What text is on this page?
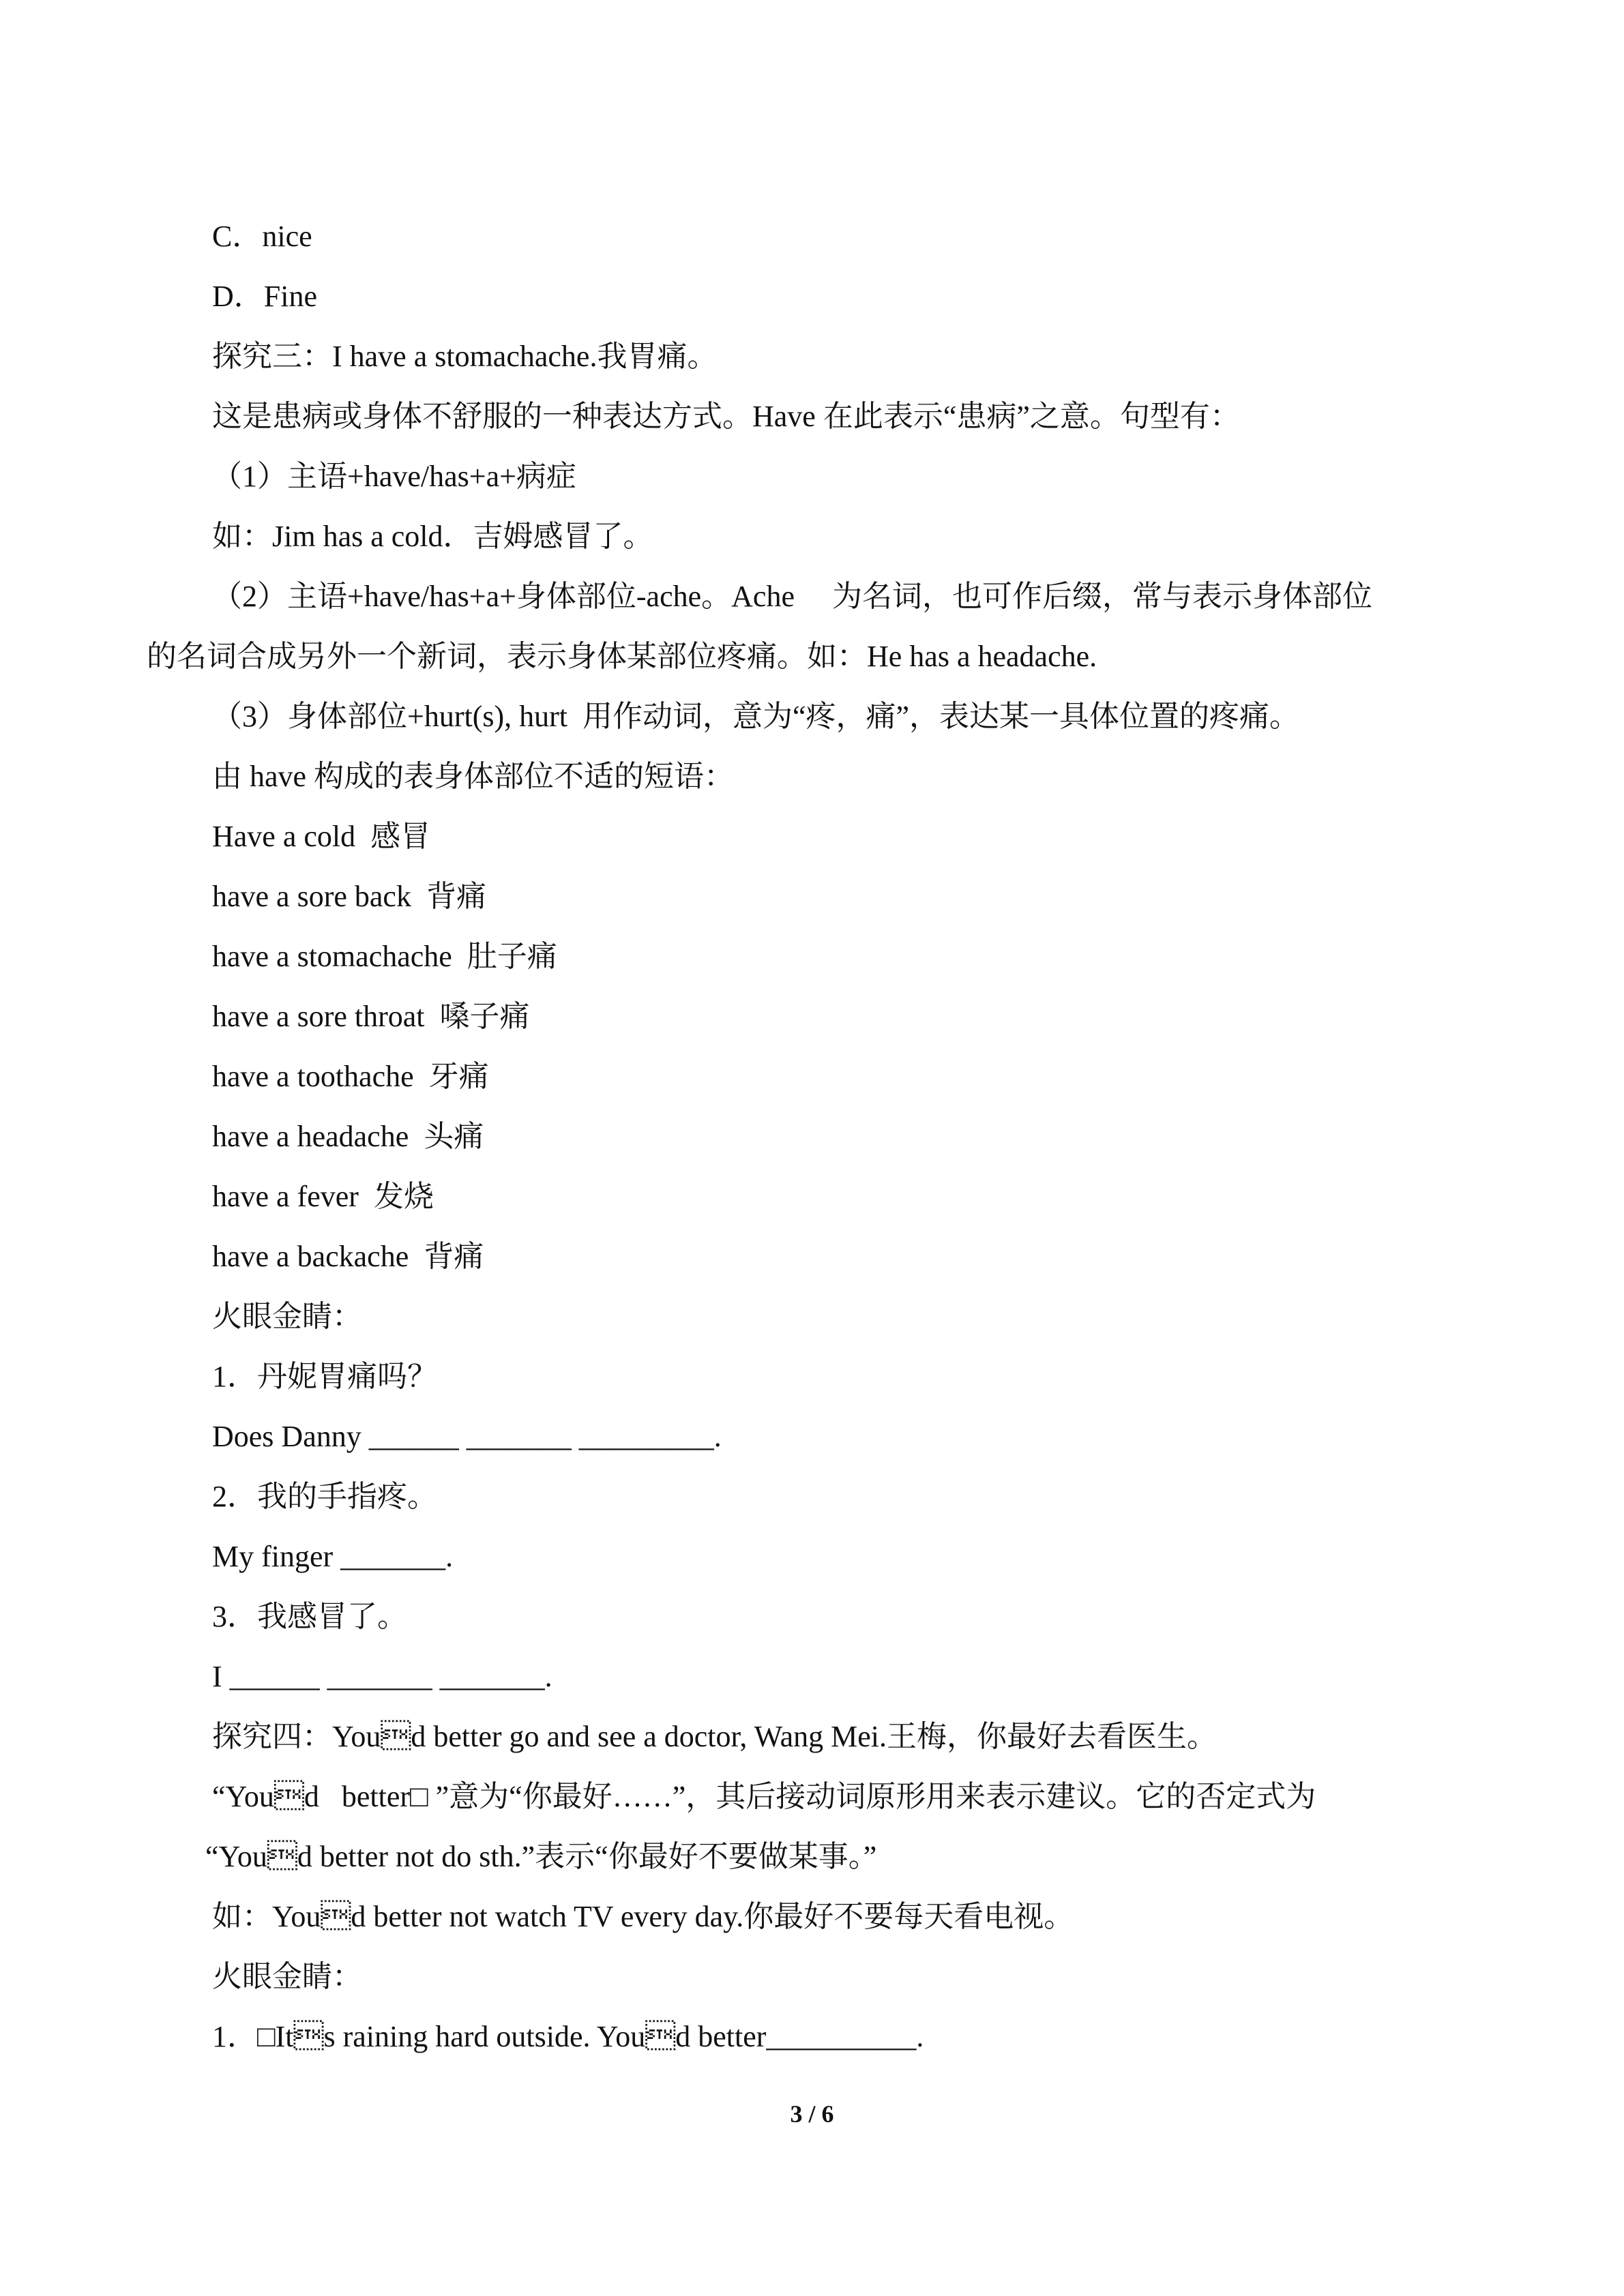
C．nice
D．Fine
探究三：I have a stomachache.我胃痛。
这是患病或身体不舒服的一种表达方式。Have 在此表示“患病”之意。句型有：
（1）主语+have/has+a+病症
如：Jim has a cold．吉姆感冒了。
（2）主语+have/has+a+身体部位-ache。Ache　 为名词，也可作后缀，常与表示身体部位
的名词合成另外一个新词，表示身体某部位疼痛。如：He has a headache.
（3）身体部位+hurt(s), hurt  用作动词，意为“疼，痛”，表达某一具体位置的疼痛。
由 have 构成的表身体部位不适的短语：
Have a cold  感冒
have a sore back  背痛
have a stomachache  肚子痛
have a sore throat  嗓子痛
have a toothache  牙痛
have a headache  头痛
have a fever  发烧
have a backache  背痛
火眼金睛：
1．丹妮胃痛吗？
Does Danny ______ _______ _________.
2．我的手指疼。
My finger _______.
3．我感冒了。
I ______ _______ _______.
探究四：Youd better go and see a doctor, Wang Mei.王梅，你最好去看医生。
“Youd   better□ ”意为“你最好……”，其后接动词原形用来表示建议。它的否定式为
“Youd better not do sth.”表示“你最好不要做某事。”
如：Youd better not watch TV every day.你最好不要每天看电视。
火眼金睛：
1．□Its raining hard outside. Youd better__________.
3 / 6
